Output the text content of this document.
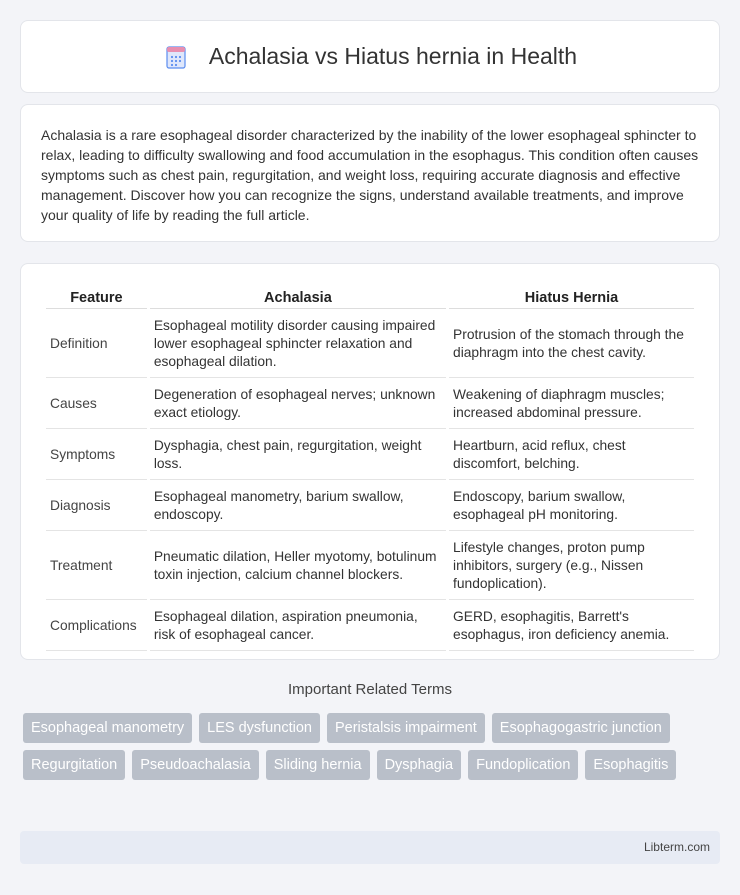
Achalasia vs Hiatus hernia in Health

Achalasia is a rare esophageal disorder characterized by the inability of the lower esophageal sphincter to relax, leading to difficulty swallowing and food accumulation in the esophagus. This condition often causes symptoms such as chest pain, regurgitation, and weight loss, requiring accurate diagnosis and effective management. Discover how you can recognize the signs, understand available treatments, and improve your quality of life by reading the full article.

Feature	Achalasia	Hiatus Hernia
Definition	Esophageal motility disorder causing impaired lower esophageal sphincter relaxation and esophageal dilation.	Protrusion of the stomach through the diaphragm into the chest cavity.
Causes	Degeneration of esophageal nerves; unknown exact etiology.	Weakening of diaphragm muscles; increased abdominal pressure.
Symptoms	Dysphagia, chest pain, regurgitation, weight loss.	Heartburn, acid reflux, chest discomfort, belching.
Diagnosis	Esophageal manometry, barium swallow, endoscopy.	Endoscopy, barium swallow, esophageal pH monitoring.
Treatment	Pneumatic dilation, Heller myotomy, botulinum toxin injection, calcium channel blockers.	Lifestyle changes, proton pump inhibitors, surgery (e.g., Nissen fundoplication).
Complications	Esophageal dilation, aspiration pneumonia, risk of esophageal cancer.	GERD, esophagitis, Barrett's esophagus, iron deficiency anemia.
Important Related Terms
Esophageal manometry	LES dysfunction	Peristalsis impairment	Esophagogastric junction
Regurgitation	Pseudoachalasia	Sliding hernia	Dysphagia	Fundoplication	Esophagitis
Libterm.com
